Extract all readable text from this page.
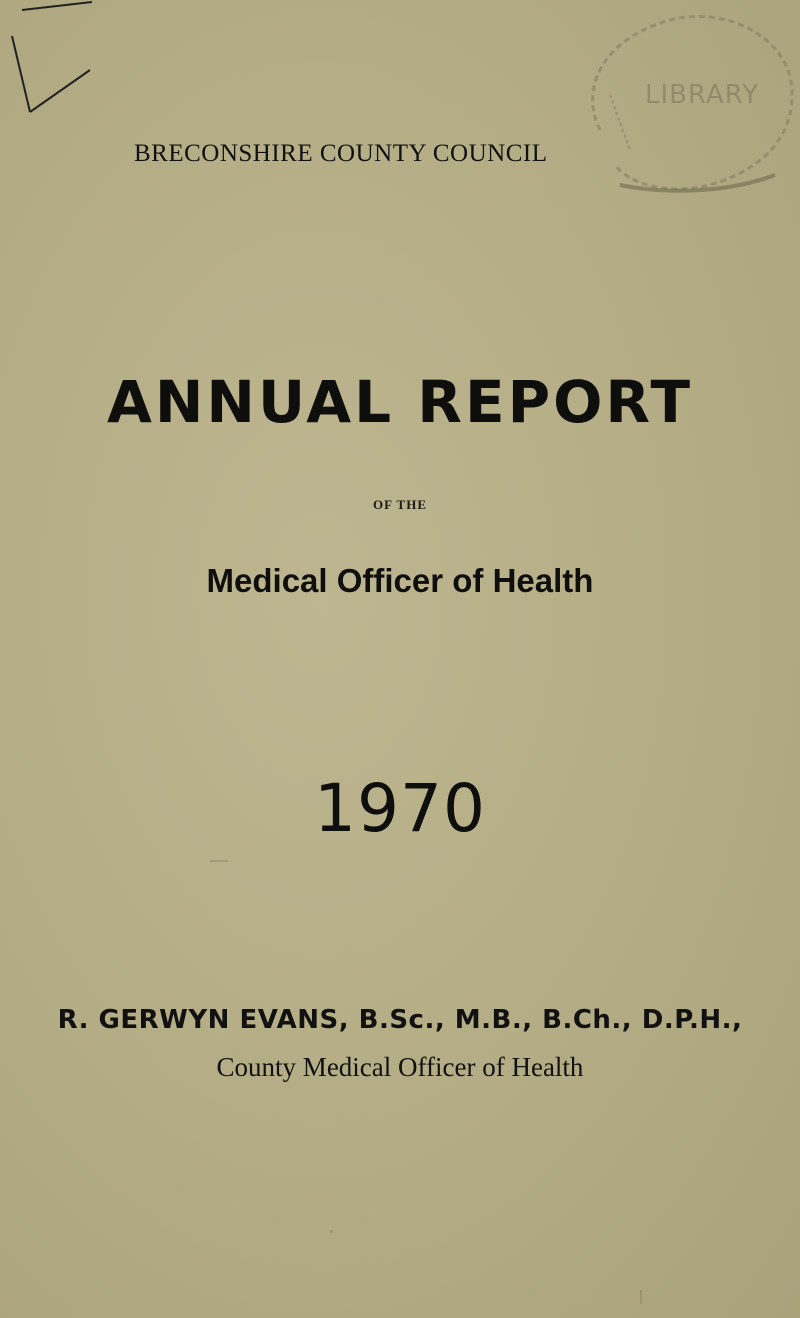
LIBRARY
BRECONSHIRE COUNTY COUNCIL
ANNUAL REPORT
OF THE
Medical Officer of Health
1970
R. GERWYN EVANS, B.Sc., M.B., B.Ch., D.P.H.,
County Medical Officer of Health
